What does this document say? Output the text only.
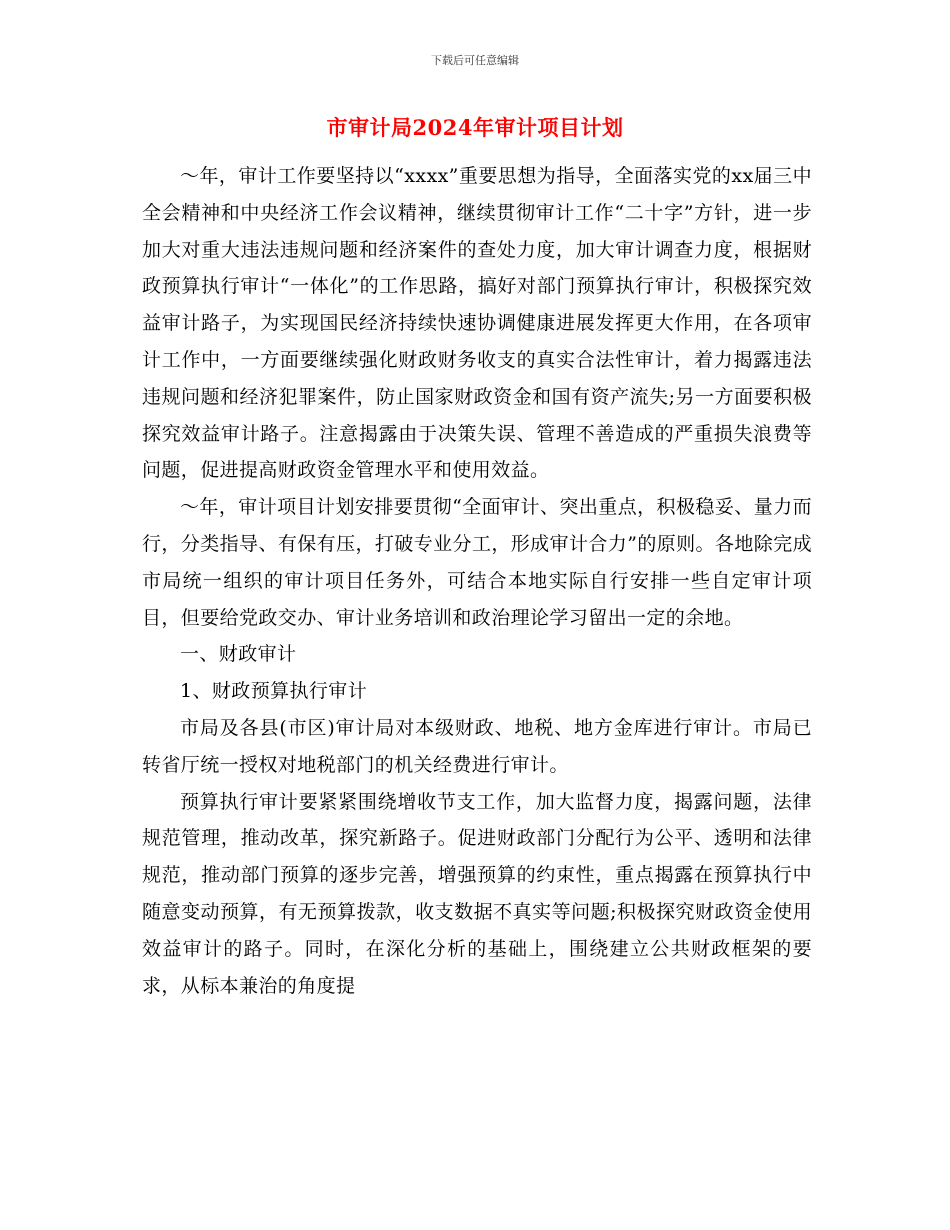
下载后可任意编辑
市审计局2024年审计项目计划

～年，审计工作要坚持以“xxxx”重要思想为指导，全面落实党的xx届三中全会精神和中央经济工作会议精神，继续贯彻审计工作“二十字”方针，进一步加大对重大违法违规问题和经济案件的查处力度，加大审计调查力度，根据财政预算执行审计“一体化”的工作思路，搞好对部门预算执行审计，积极探究效益审计路子，为实现国民经济持续快速协调健康进展发挥更大作用，在各项审计工作中，一方面要继续强化财政财务收支的真实合法性审计，着力揭露违法违规问题和经济犯罪案件，防止国家财政资金和国有资产流失;另一方面要积极探究效益审计路子。注意揭露由于决策失误、管理不善造成的严重损失浪费等问题，促进提高财政资金管理水平和使用效益。

～年，审计项目计划安排要贯彻“全面审计、突出重点，积极稳妥、量力而行，分类指导、有保有压，打破专业分工，形成审计合力”的原则。各地除完成市局统一组织的审计项目任务外，可结合本地实际自行安排一些自定审计项目，但要给党政交办、审计业务培训和政治理论学习留出一定的余地。

一、财政审计

1、财政预算执行审计

市局及各县(市区)审计局对本级财政、地税、地方金库进行审计。市局已转省厅统一授权对地税部门的机关经费进行审计。

预算执行审计要紧紧围绕增收节支工作，加大监督力度，揭露问题，法律规范管理，推动改革，探究新路子。促进财政部门分配行为公平、透明和法律规范，推动部门预算的逐步完善，增强预算的约束性，重点揭露在预算执行中随意变动预算，有无预算拨款，收支数据不真实等问题;积极探究财政资金使用效益审计的路子。同时，在深化分析的基础上，围绕建立公共财政框架的要求，从标本兼治的角度提
